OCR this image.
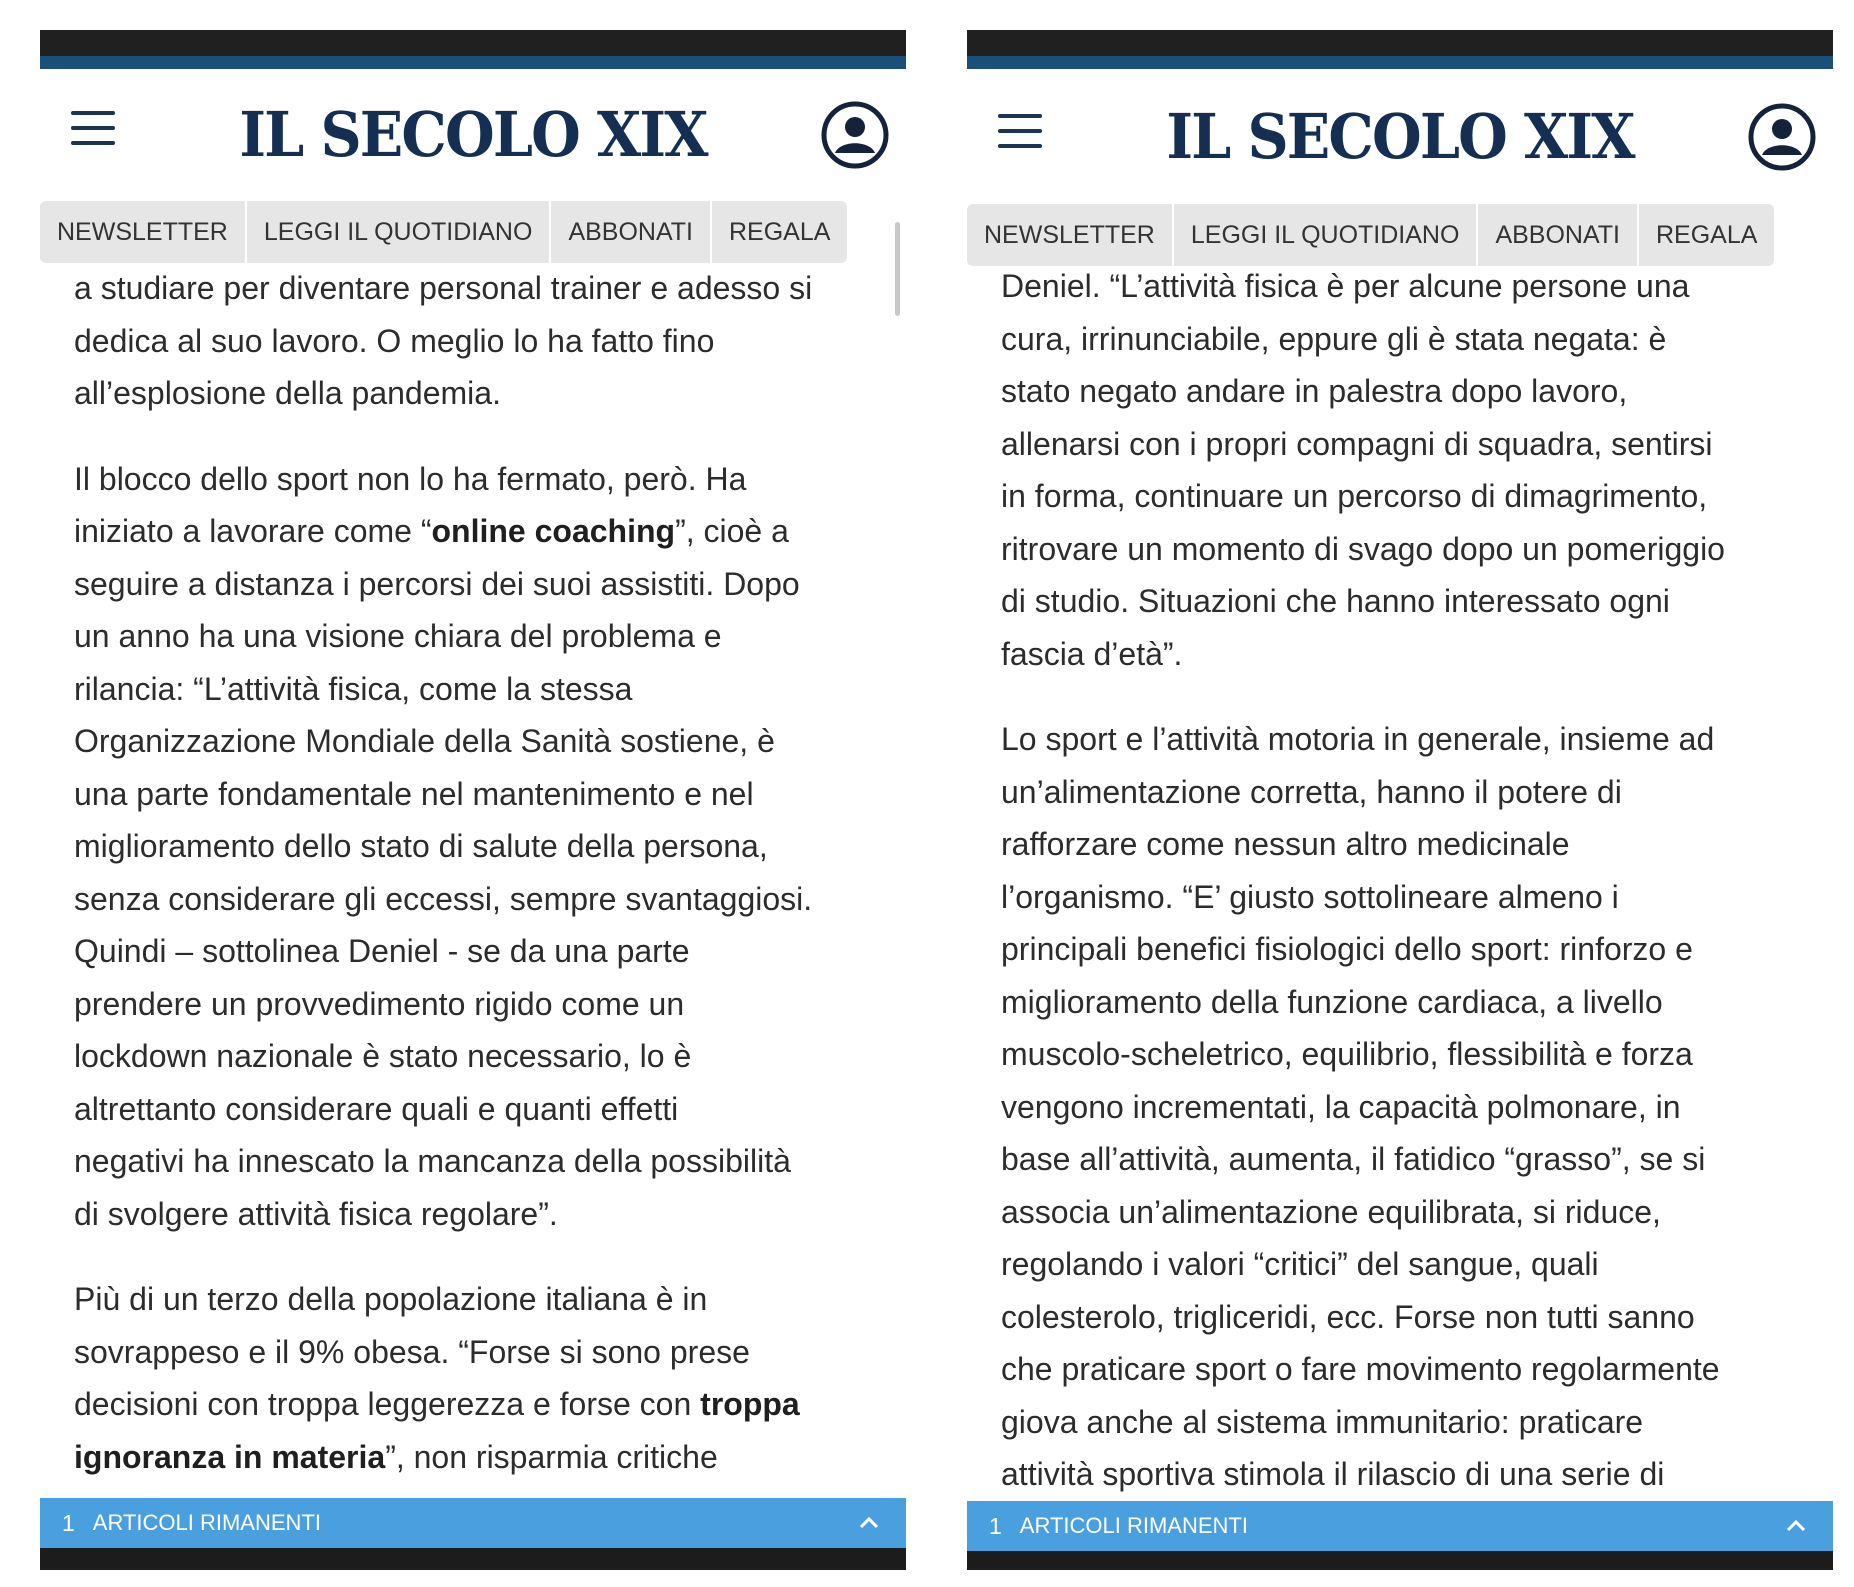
IL SECOLO XIX
NEWSLETTER	LEGGI IL QUOTIDIANO	ABBONATI	REGALA
a studiare per diventare personal trainer e adesso si
dedica al suo lavoro. O meglio lo ha fatto fino
all’esplosione della pandemia.
Il blocco dello sport non lo ha fermato, però. Ha
iniziato a lavorare come “online coaching”, cioè a
seguire a distanza i percorsi dei suoi assistiti. Dopo
un anno ha una visione chiara del problema e
rilancia: “L’attività fisica, come la stessa
Organizzazione Mondiale della Sanità sostiene, è
una parte fondamentale nel mantenimento e nel
miglioramento dello stato di salute della persona,
senza considerare gli eccessi, sempre svantaggiosi.
Quindi – sottolinea Deniel - se da una parte
prendere un provvedimento rigido come un
lockdown nazionale è stato necessario, lo è
altrettanto considerare quali e quanti effetti
negativi ha innescato la mancanza della possibilità
di svolgere attività fisica regolare”.
Più di un terzo della popolazione italiana è in
sovrappeso e il 9% obesa. “Forse si sono prese
decisioni con troppa leggerezza e forse con troppa
ignoranza in materia”, non risparmia critiche
1 ARTICOLI RIMANENTI
IL SECOLO XIX
NEWSLETTER	LEGGI IL QUOTIDIANO	ABBONATI	REGALA
Deniel. “L’attività fisica è per alcune persone una
cura, irrinunciabile, eppure gli è stata negata: è
stato negato andare in palestra dopo lavoro,
allenarsi con i propri compagni di squadra, sentirsi
in forma, continuare un percorso di dimagrimento,
ritrovare un momento di svago dopo un pomeriggio
di studio. Situazioni che hanno interessato ogni
fascia d’età”.
Lo sport e l’attività motoria in generale, insieme ad
un’alimentazione corretta, hanno il potere di
rafforzare come nessun altro medicinale
l’organismo. “E’ giusto sottolineare almeno i
principali benefici fisiologici dello sport: rinforzo e
miglioramento della funzione cardiaca, a livello
muscolo-scheletrico, equilibrio, flessibilità e forza
vengono incrementati, la capacità polmonare, in
base all’attività, aumenta, il fatidico “grasso”, se si
associa un’alimentazione equilibrata, si riduce,
regolando i valori “critici” del sangue, quali
colesterolo, trigliceridi, ecc. Forse non tutti sanno
che praticare sport o fare movimento regolarmente
giova anche al sistema immunitario: praticare
attività sportiva stimola il rilascio di una serie di
1 ARTICOLI RIMANENTI
